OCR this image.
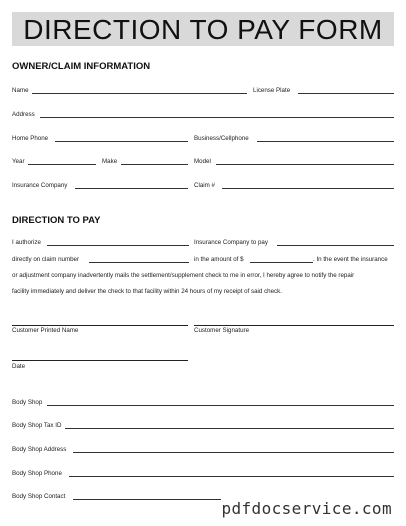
DIRECTION TO PAY FORM
OWNER/CLAIM INFORMATION
Name	License Plate
Address
Home Phone	Business/Cellphone
Year	Make	Model
Insurance Company	Claim #
DIRECTION TO PAY
I authorize	Insurance Company to pay
directly on claim number	in the amount of $	. In the event the insurance
or adjustment company inadvertently mails the settlement/supplement check to me in error, I hereby agree to notify the repair
facility immediately and deliver the check to that facility within 24 hours of my receipt of said check.
Customer Printed Name	Customer Signature
Date
Body Shop
Body Shop Tax ID
Body Shop Address
Body Shop Phone
Body Shop Contact
pdfdocservice.com
